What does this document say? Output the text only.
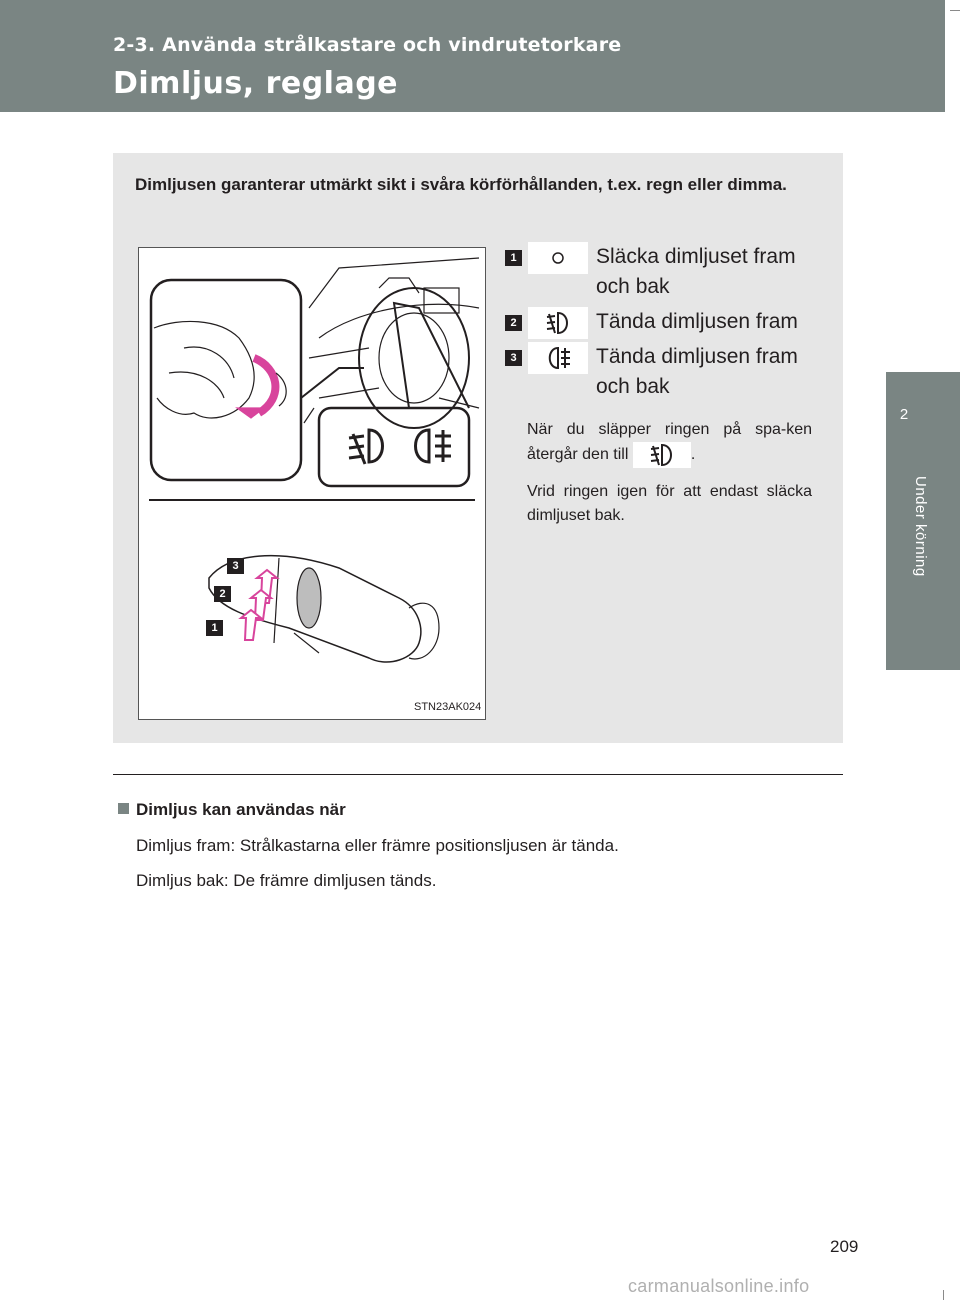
2-3. Använda strålkastare och vindrutetorkare
Dimljus, reglage
2
Under körning
Dimljusen garanterar utmärkt sikt i svåra körförhållanden, t.ex. regn eller dimma.
3
2
1
STN23AK024
1	Släcka dimljuset fram och bak
2	Tända dimljusen fram
3	Tända dimljusen fram och bak
När du släpper ringen på spa-ken återgår den till	.
Vrid ringen igen för att endast släcka dimljuset bak.
Dimljus kan användas när
Dimljus fram: Strålkastarna eller främre positionsljusen är tända.
Dimljus bak: De främre dimljusen tänds.
209
carmanualsonline.info
